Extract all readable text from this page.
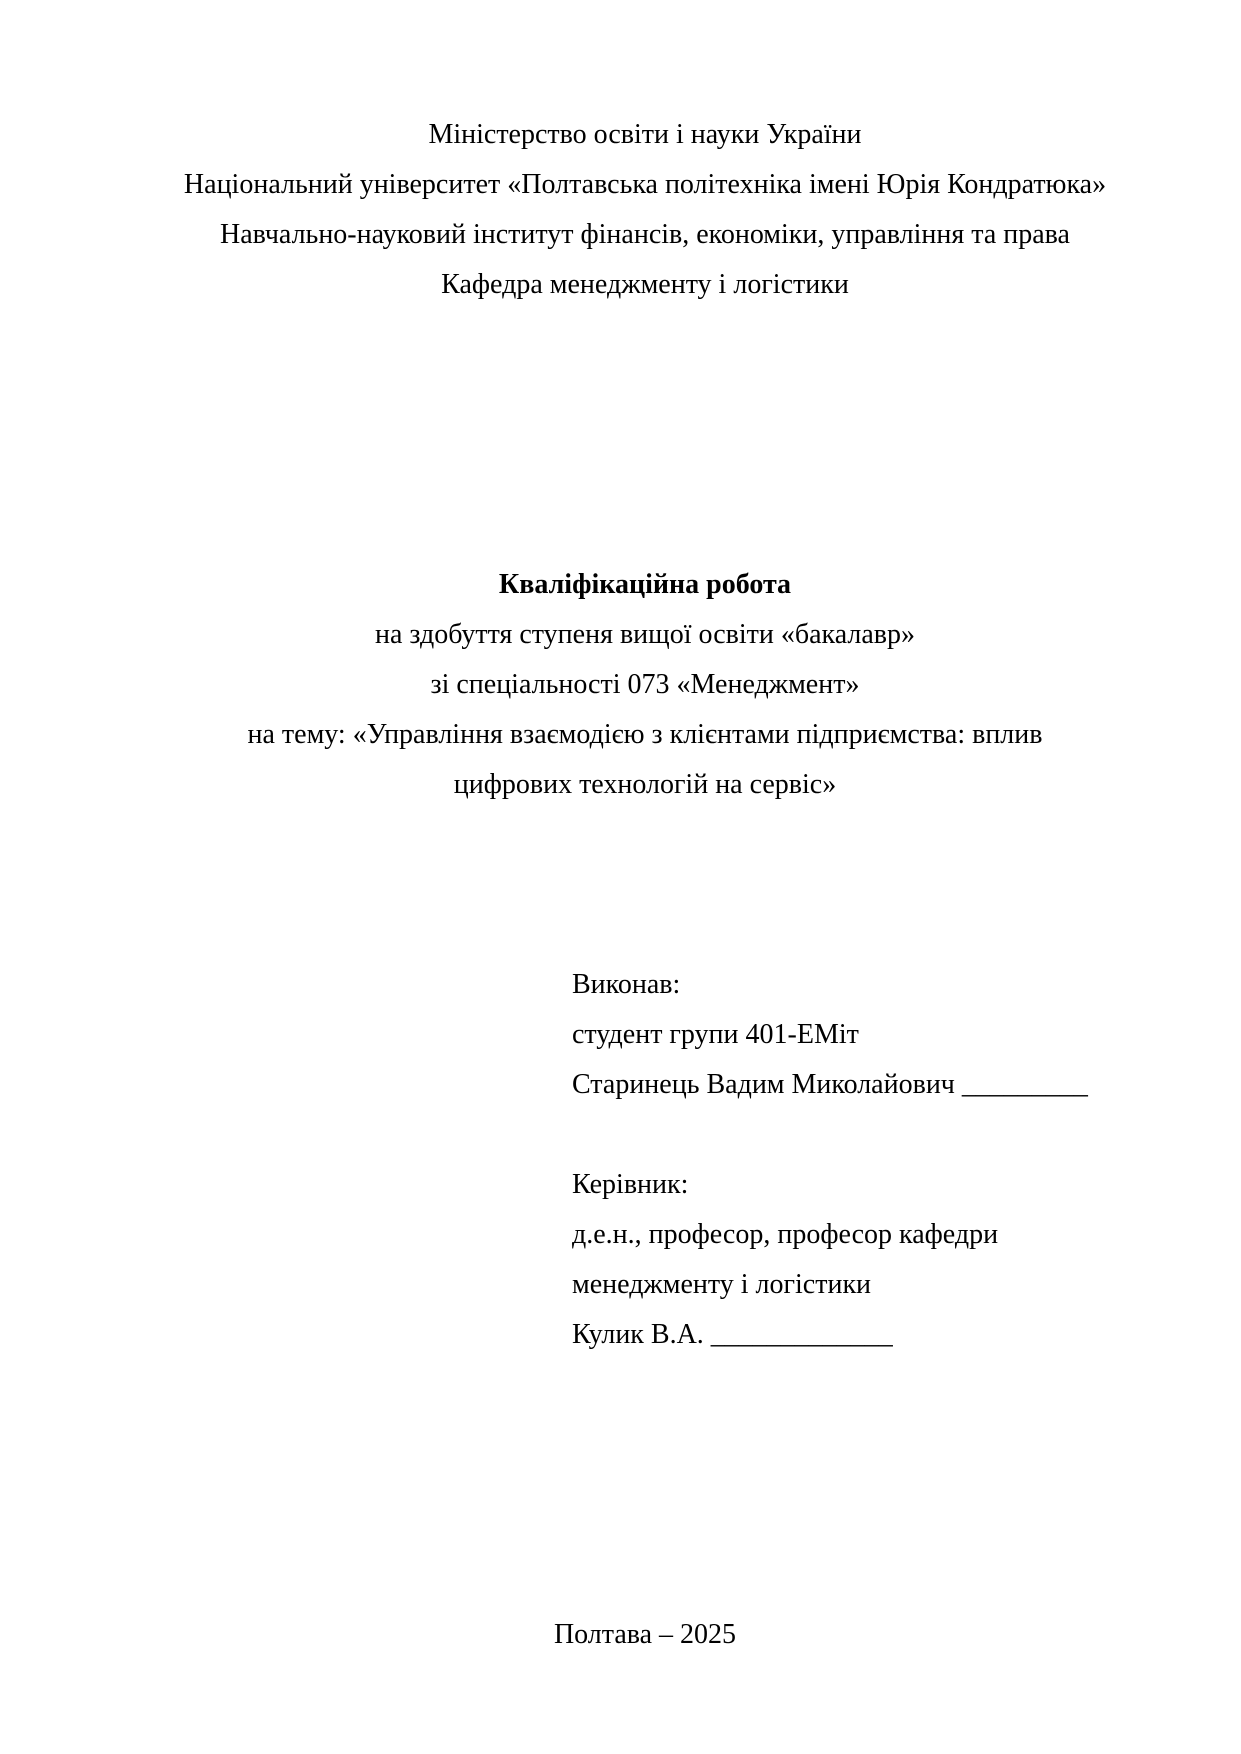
Міністерство освіти і науки України
Національний університет «Полтавська політехніка імені Юрія Кондратюка»
Навчально-науковий інститут фінансів, економіки, управління та права
Кафедра менеджменту і логістики
Кваліфікаційна робота
на здобуття ступеня вищої освіти «бакалавр»
зі спеціальності 073 «Менеджмент»
на тему: «Управління взаємодією з клієнтами підприємства: вплив
цифрових технологій на сервіс»
Виконав:
студент групи 401-ЕМіт
Старинець Вадим Миколайович _________
Керівник:
д.е.н., професор, професор кафедри
менеджменту і логістики
Кулик В.А. _____________
Полтава – 2025
